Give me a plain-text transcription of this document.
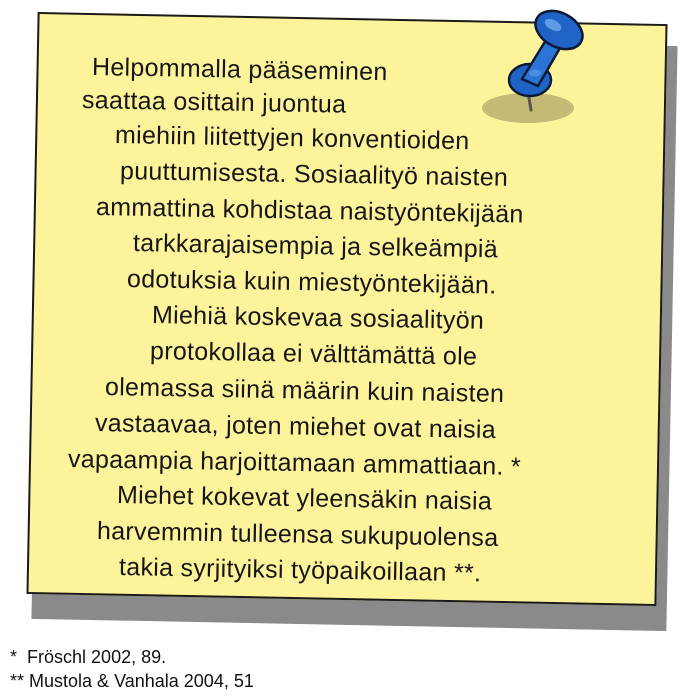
Helpommalla pääseminen
saattaa osittain juontua
miehiin liitettyjen konventioiden
puuttumisesta. Sosiaalityö naisten
ammattina kohdistaa naistyöntekijään
tarkkarajaisempia ja selkeämpiä
odotuksia kuin miestyöntekijään.
Miehiä koskevaa sosiaalityön
protokollaa ei välttämättä ole
olemassa siinä määrin kuin naisten
vastaavaa, joten miehet ovat naisia
vapaampia harjoittamaan ammattiaan. *
Miehet kokevat yleensäkin naisia
harvemmin tulleensa sukupuolensa
takia syrjityiksi työpaikoillaan **.
* Fröschl 2002, 89.
** Mustola & Vanhala 2004, 51
